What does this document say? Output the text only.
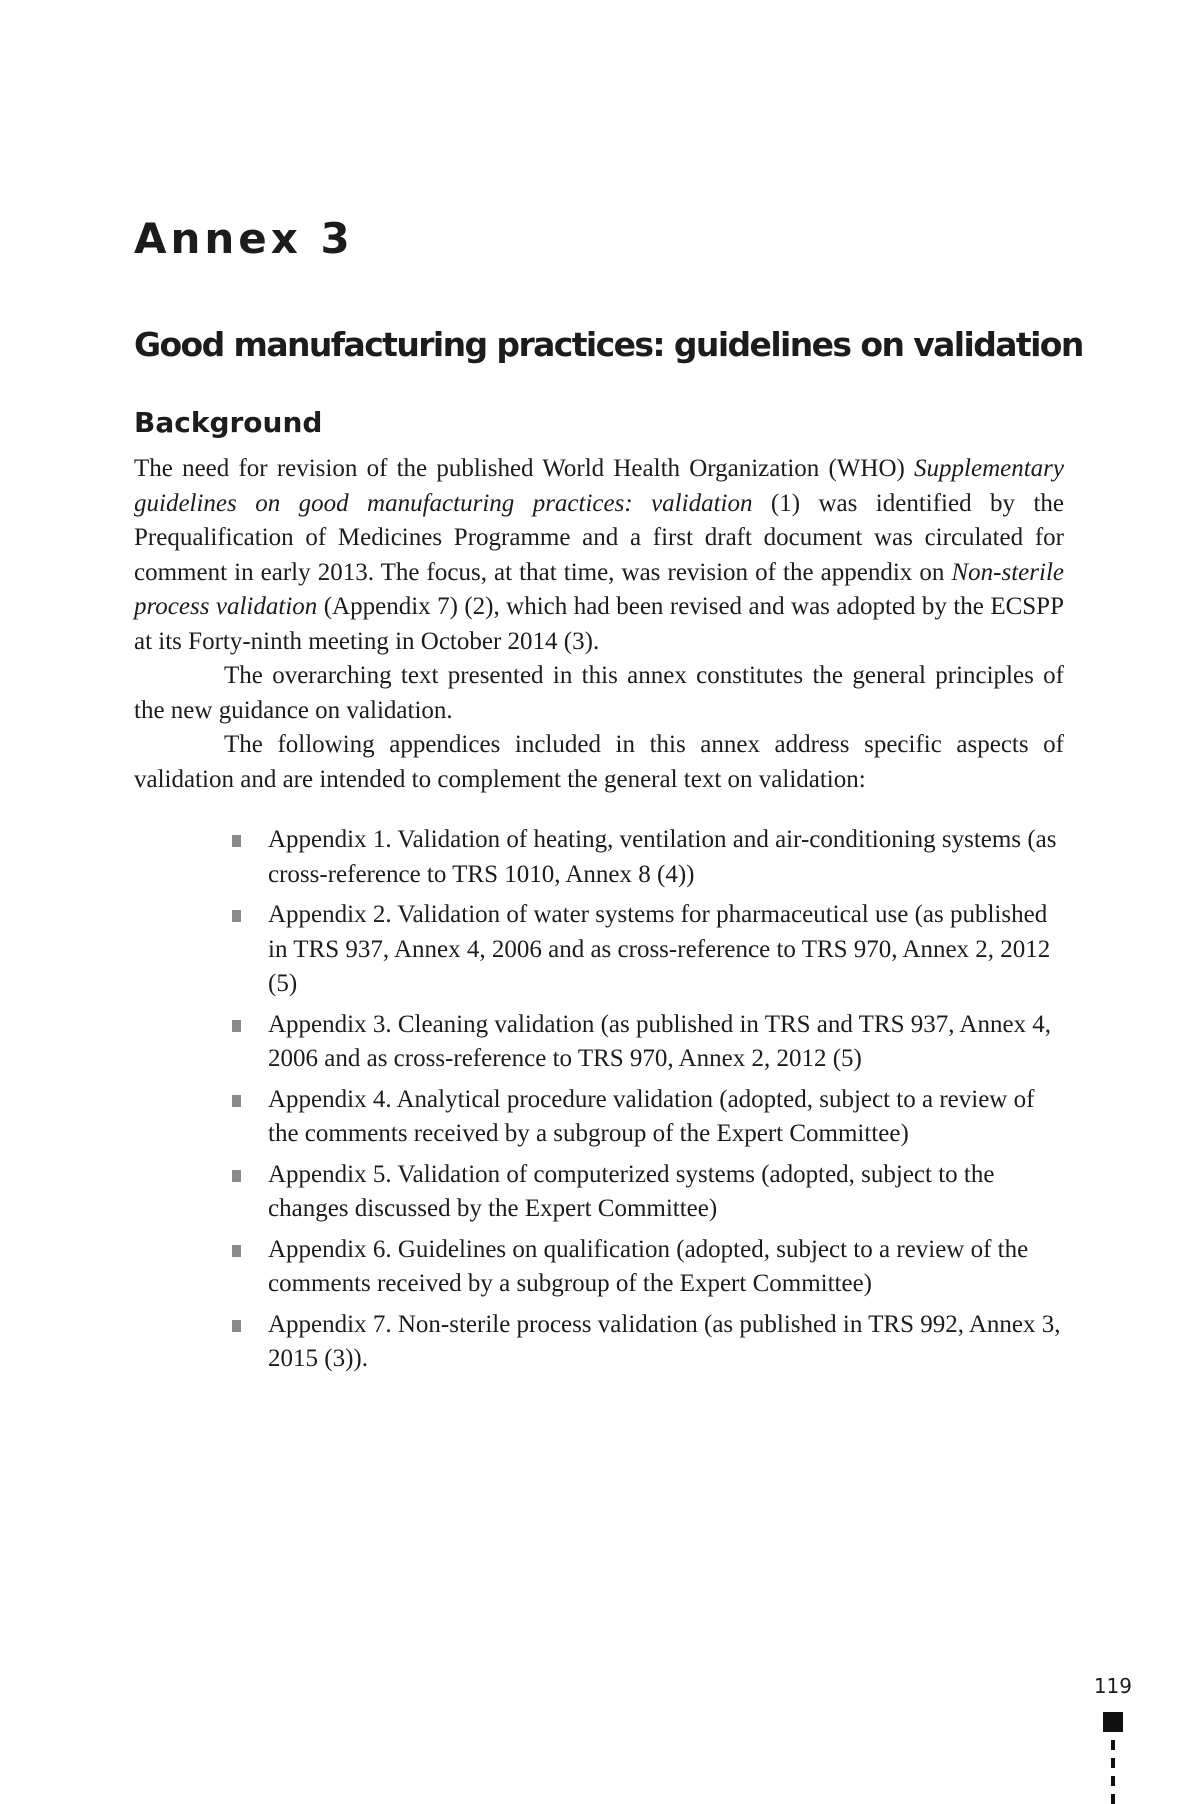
Annex 3
Good manufacturing practices: guidelines on validation
Background

The need for revision of the published World Health Organization (WHO) Supplementary guidelines on good manufacturing practices: validation (1) was identified by the Prequalification of Medicines Programme and a first draft document was circulated for comment in early 2013. The focus, at that time, was revision of the appendix on Non-sterile process validation (Appendix 7) (2), which had been revised and was adopted by the ECSPP at its Forty-ninth meeting in October 2014 (3).

The overarching text presented in this annex constitutes the general principles of the new guidance on validation.

The following appendices included in this annex address specific aspects of validation and are intended to complement the general text on validation:

Appendix 1. Validation of heating, ventilation and air-conditioning systems (as cross-reference to TRS 1010, Annex 8 (4))
Appendix 2. Validation of water systems for pharmaceutical use (as published in TRS 937, Annex 4, 2006 and as cross-reference to TRS 970, Annex 2, 2012 (5)
Appendix 3. Cleaning validation (as published in TRS and TRS 937, Annex 4, 2006 and as cross-reference to TRS 970, Annex 2, 2012 (5)
Appendix 4. Analytical procedure validation (adopted, subject to a review of the comments received by a subgroup of the Expert Committee)
Appendix 5. Validation of computerized systems (adopted, subject to the changes discussed by the Expert Committee)
Appendix 6. Guidelines on qualification (adopted, subject to a review of the comments received by a subgroup of the Expert Committee)
Appendix 7. Non-sterile process validation (as published in TRS 992, Annex 3, 2015 (3)).
119
